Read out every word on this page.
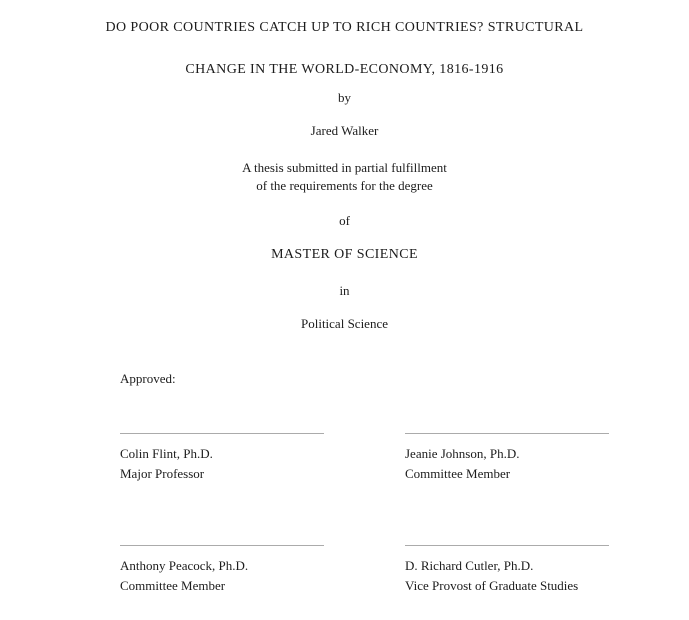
DO POOR COUNTRIES CATCH UP TO RICH COUNTRIES? STRUCTURAL
CHANGE IN THE WORLD-ECONOMY, 1816-1916
by
Jared Walker
A thesis submitted in partial fulfillment
of the requirements for the degree
of
MASTER OF SCIENCE
in
Political Science
Approved:
Colin Flint, Ph.D.
Major Professor
Jeanie Johnson, Ph.D.
Committee Member
Anthony Peacock, Ph.D.
Committee Member
D. Richard Cutler, Ph.D.
Vice Provost of Graduate Studies
